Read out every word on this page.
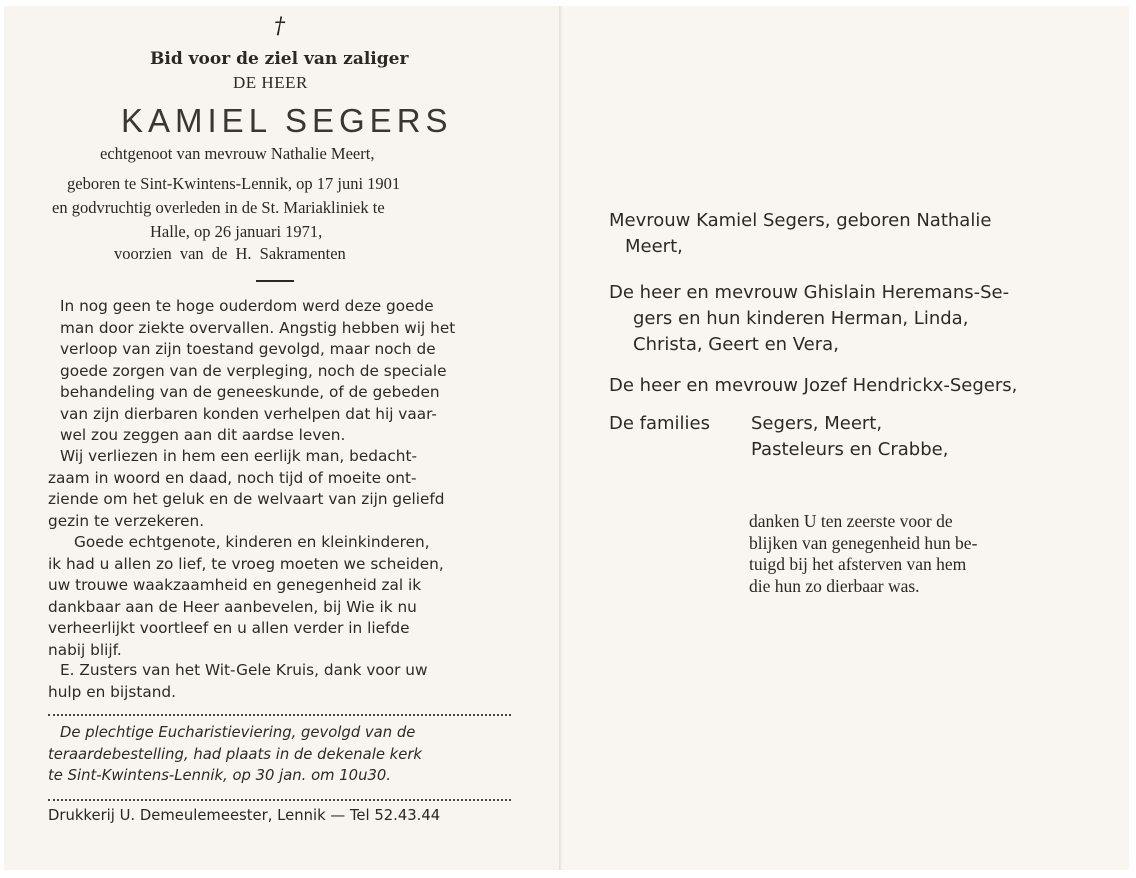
†
Bid voor de ziel van zaliger
DE HEER
KAMIEL SEGERS
echtgenoot van mevrouw Nathalie Meert,
geboren te Sint-Kwintens-Lennik, op 17 juni 1901
en godvruchtig overleden in de St. Mariakliniek te
Halle, op 26 januari 1971,
voorzien van de H. Sakramenten
In nog geen te hoge ouderdom werd deze goede
man door ziekte overvallen. Angstig hebben wij het
verloop van zijn toestand gevolgd, maar noch de
goede zorgen van de verpleging, noch de speciale
behandeling van de geneeskunde, of de gebeden
van zijn dierbaren konden verhelpen dat hij vaar-
wel zou zeggen aan dit aardse leven.
Wij verliezen in hem een eerlijk man, bedacht-
zaam in woord en daad, noch tijd of moeite ont-
ziende om het geluk en de welvaart van zijn geliefd
gezin te verzekeren.
Goede echtgenote, kinderen en kleinkinderen,
ik had u allen zo lief, te vroeg moeten we scheiden,
uw trouwe waakzaamheid en genegenheid zal ik
dankbaar aan de Heer aanbevelen, bij Wie ik nu
verheerlijkt voortleef en u allen verder in liefde
nabij blijf.
E. Zusters van het Wit-Gele Kruis, dank voor uw
hulp en bijstand.
De plechtige Eucharistieviering, gevolgd van de
teraardebestelling, had plaats in de dekenale kerk
te Sint-Kwintens-Lennik, op 30 jan. om 10u30.
Drukkerij U. Demeulemeester, Lennik — Tel 52.43.44
Mevrouw Kamiel Segers, geboren Nathalie
Meert,
De heer en mevrouw Ghislain Heremans-Se-
gers en hun kinderen Herman, Linda,
Christa, Geert en Vera,
De heer en mevrouw Jozef Hendrickx-Segers,
De families Segers, Meert,
Pasteleurs en Crabbe,
danken U ten zeerste voor de
blijken van genegenheid hun be-
tuigd bij het afsterven van hem
die hun zo dierbaar was.
